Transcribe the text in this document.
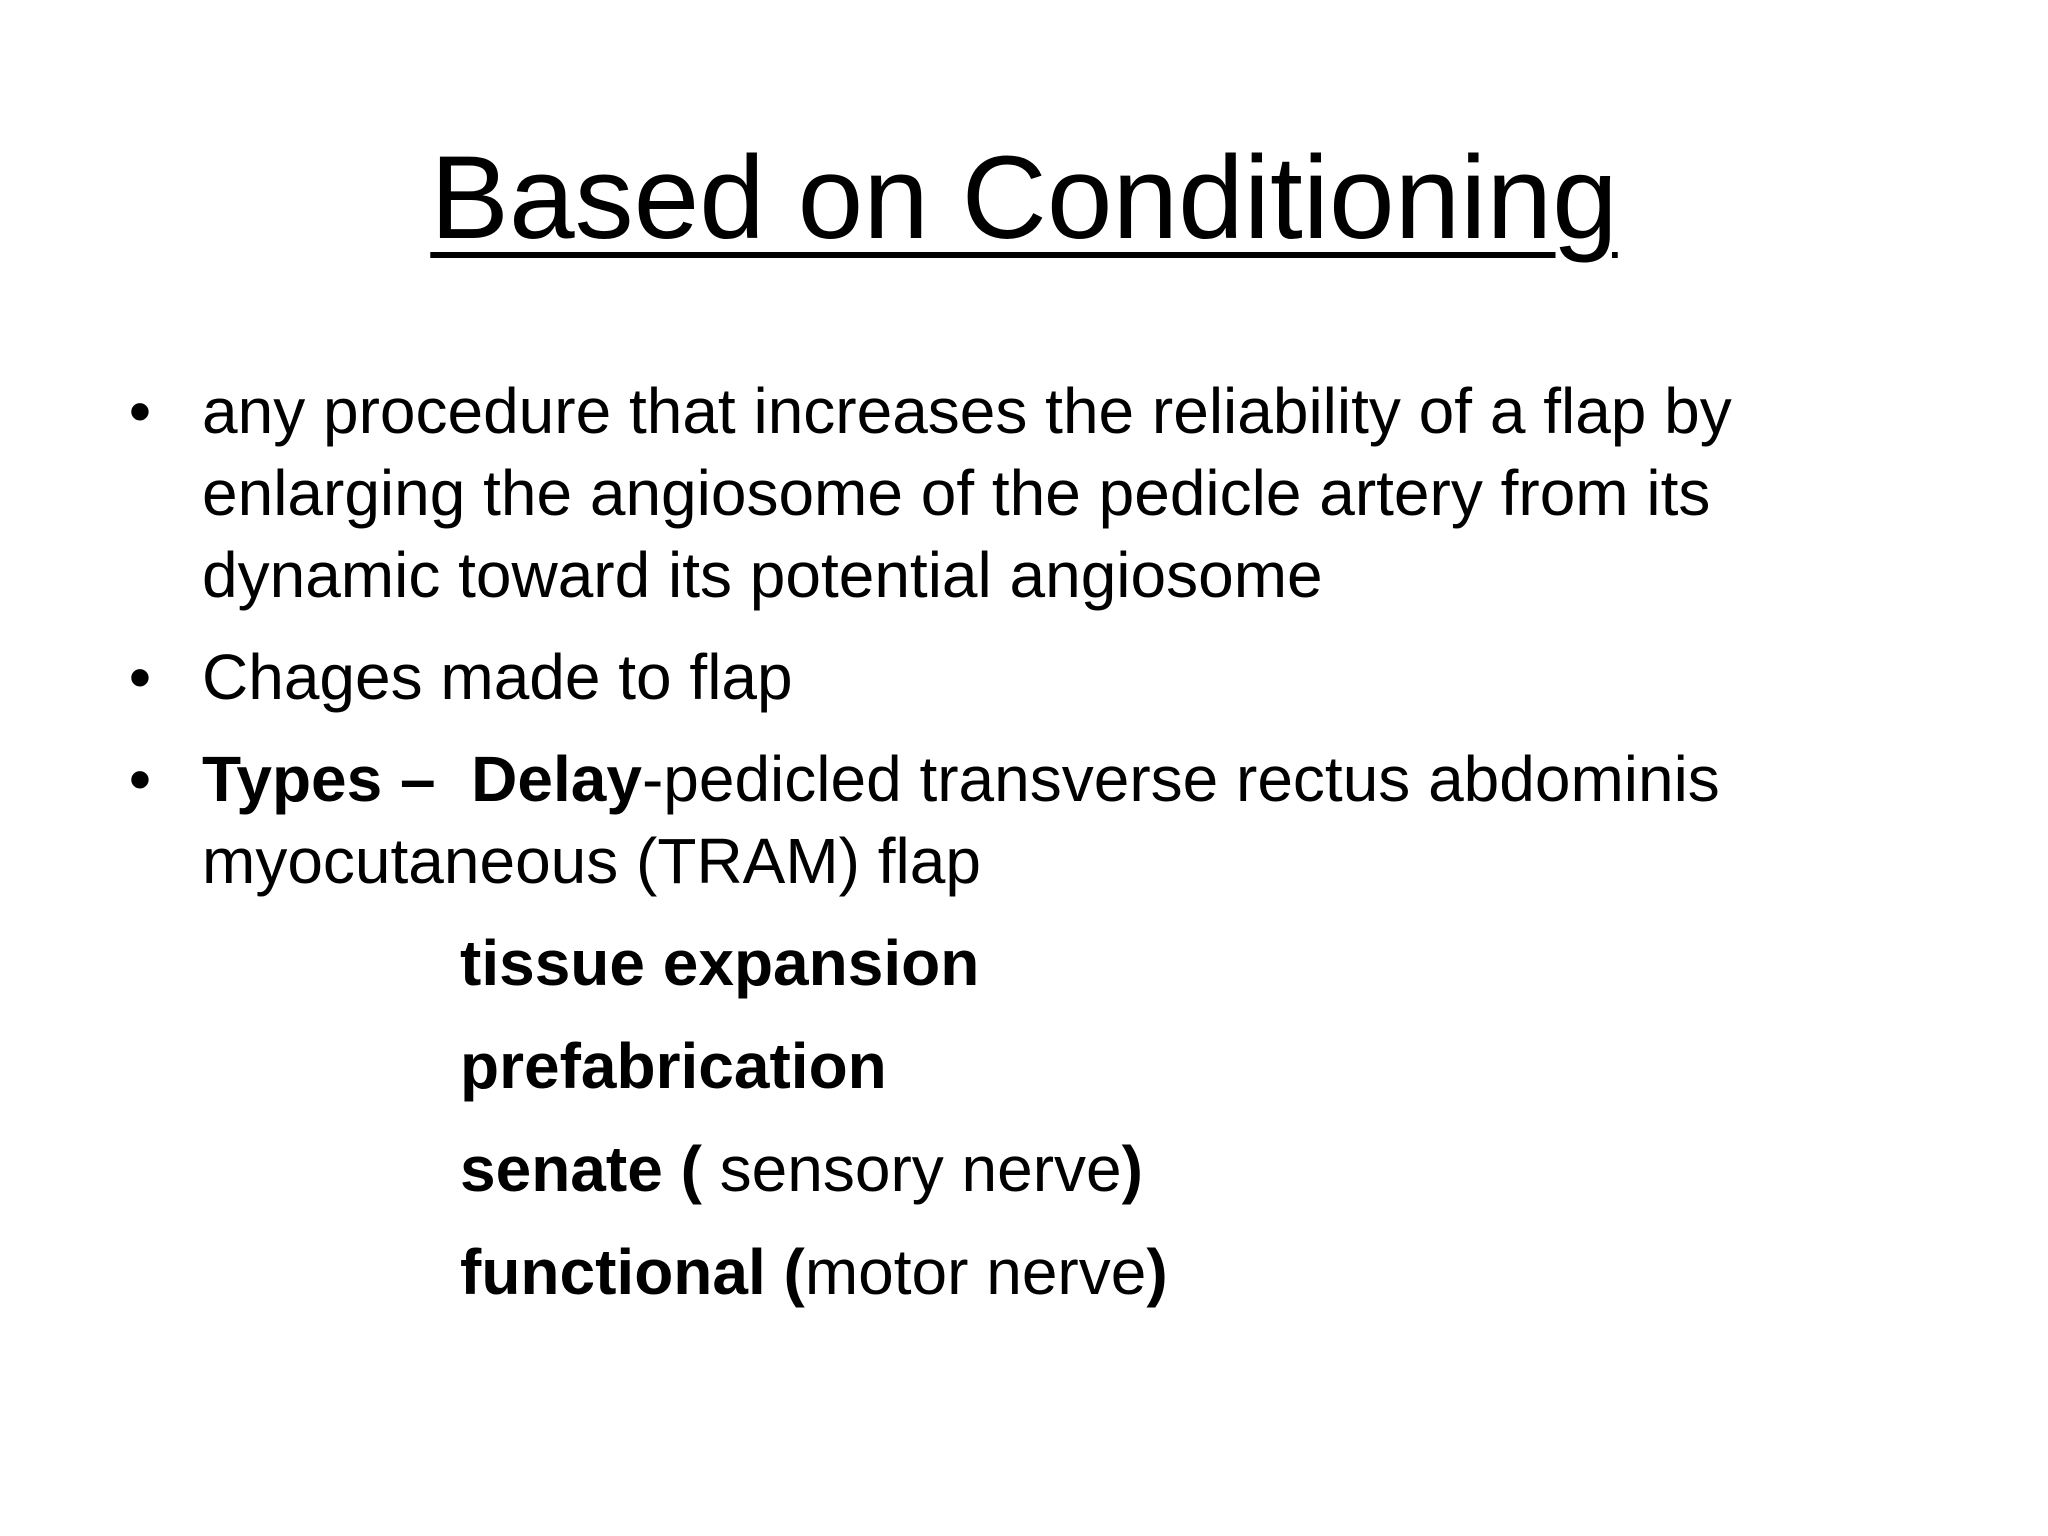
Based on Conditioning
• any procedure that increases the reliability of a flap by enlarging the angiosome of the pedicle artery from its dynamic toward its potential angiosome
• Chages made to flap
• Types – Delay-pedicled transverse rectus abdominis myocutaneous (TRAM) flap
tissue expansion
prefabrication
senate ( sensory nerve)
functional (motor nerve)
